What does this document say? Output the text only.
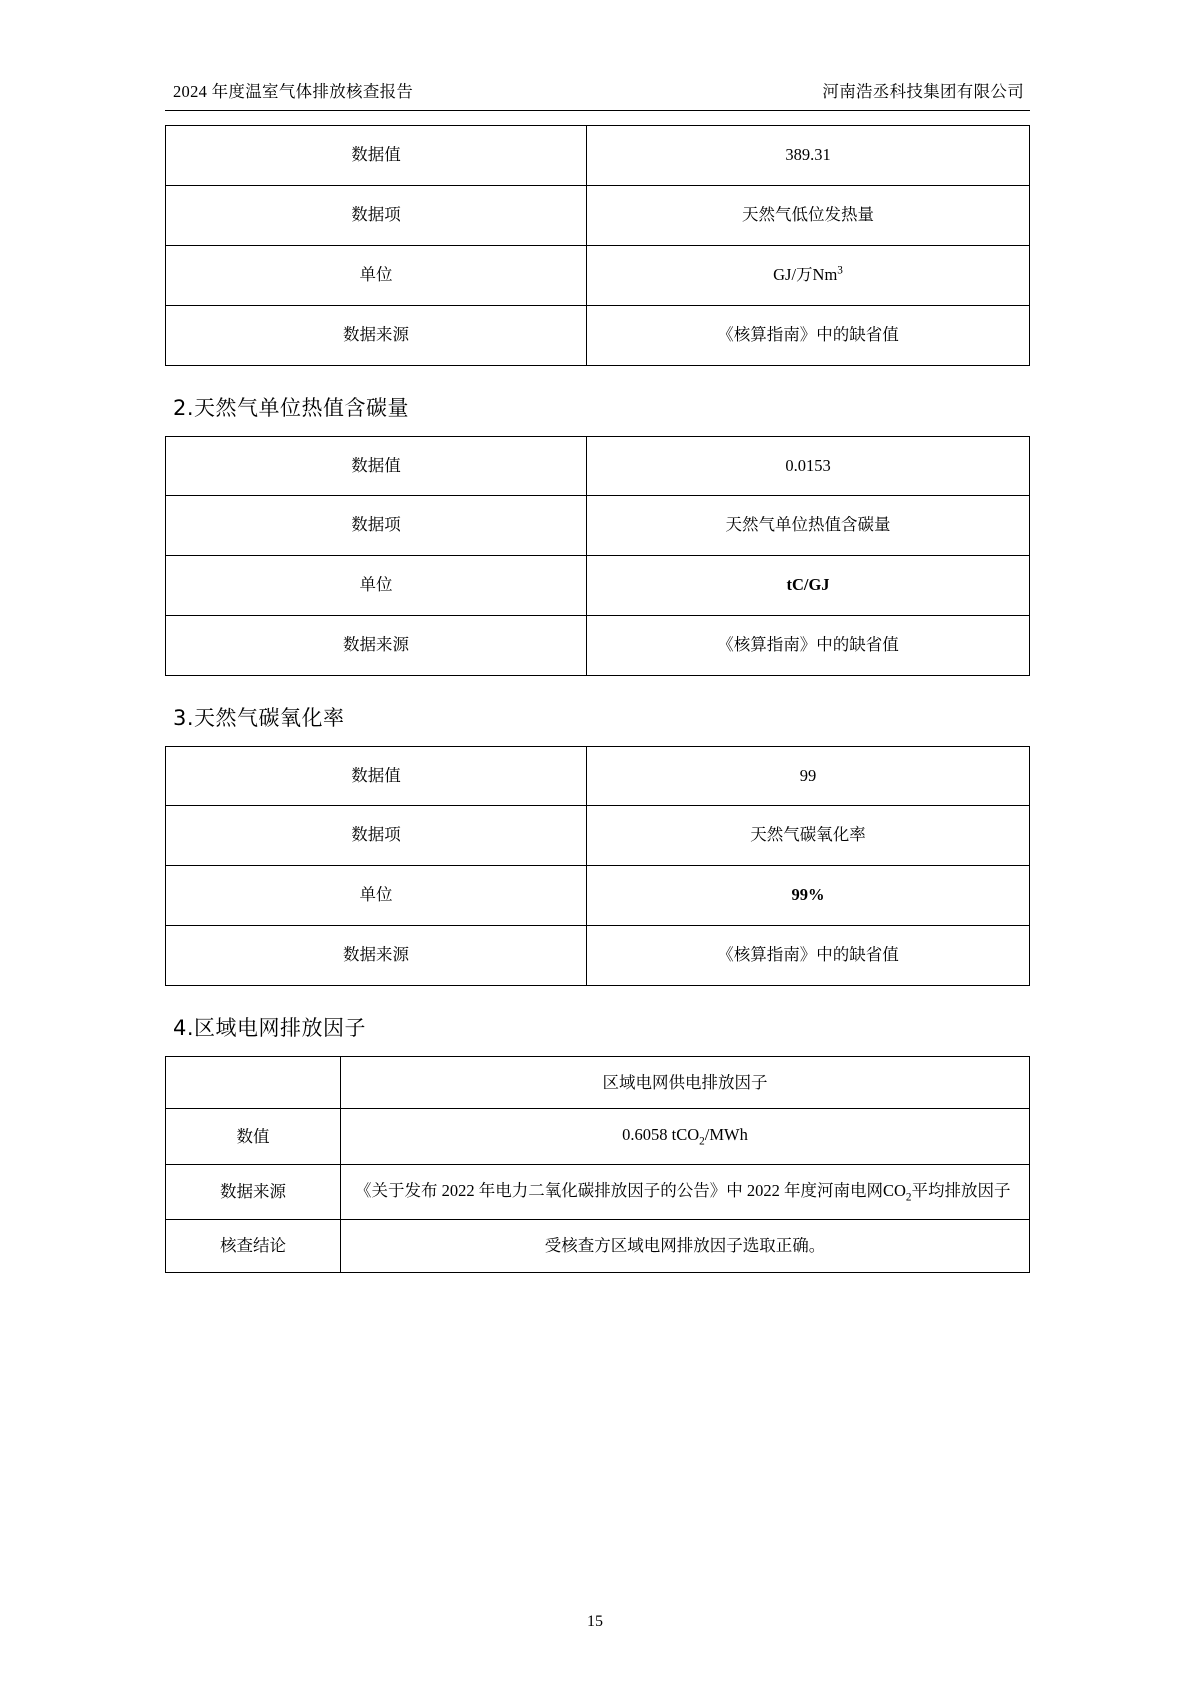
2024 年度温室气体排放核查报告	河南浩丞科技集团有限公司
数据值	389.31
数据项	天然气低位发热量
单位	GJ/万Nm$^3$
数据来源	《核算指南》中的缺省值
2.天然气单位热值含碳量
数据值	0.0153
数据项	天然气单位热值含碳量
单位	tC/GJ
数据来源	《核算指南》中的缺省值
3.天然气碳氧化率
数据值	99
数据项	天然气碳氧化率
单位	99%
数据来源	《核算指南》中的缺省值
4.区域电网排放因子
	区域电网供电排放因子
数值	0.6058 tCO$_2$/MWh
数据来源	《关于发布 2022 年电力二氧化碳排放因子的公告》中 2022 年度河南电网$CO_2$平均排放因子
核查结论	受核查方区域电网排放因子选取正确。
15
